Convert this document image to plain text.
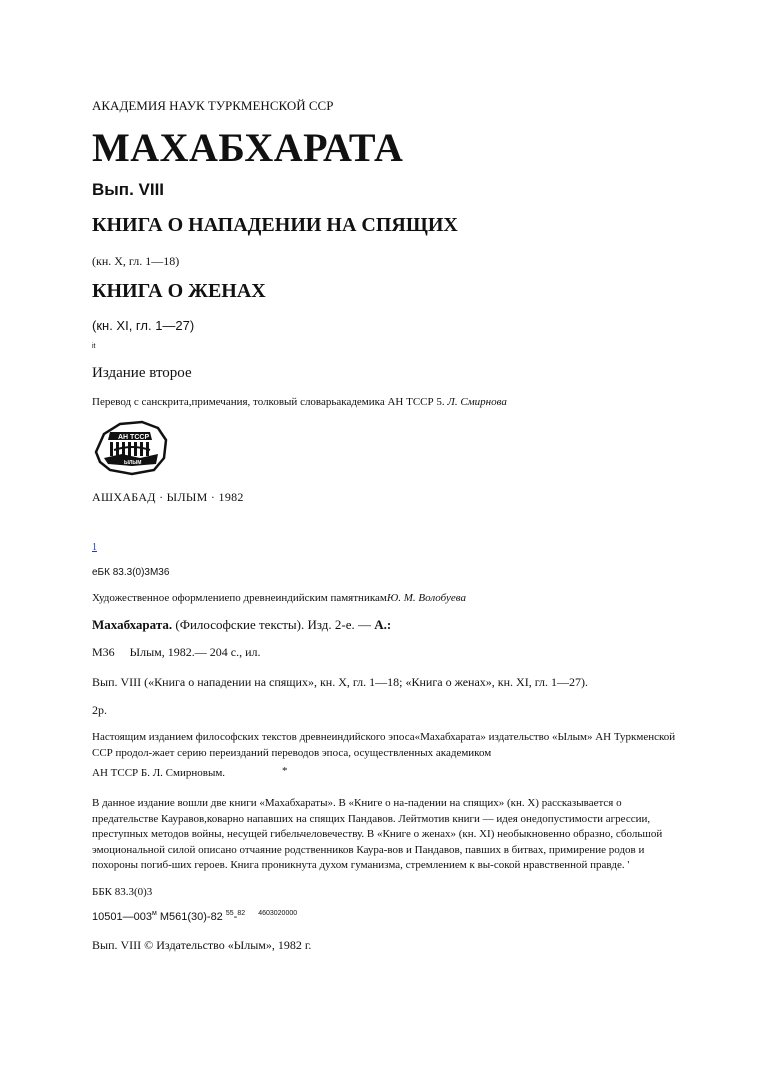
АКАДЕМИЯ НАУК ТУРКМЕНСКОЙ ССР
МАХАБХАРАТА
Вып. VIII
КНИГА О НАПАДЕНИИ НА СПЯЩИХ
(кн. X, гл. 1—18)
КНИГА О ЖЕНАХ
(кн. XI, гл. 1—27)
it
Издание второе
Перевод с санскрита,примечания, толковый словарьакадемика АН ТССР 5. Л. Смирнова
АН ТССР
ЫЛЫМ
АШХАБАД · ЫЛЫМ · 1982
1
еБК 83.3(0)3М36
Художественное оформлениепо древнеиндийским памятникамЮ. М. Волобуева
Махабхарата. (Философские тексты). Изд. 2-е. — А.:
М36     Ылым, 1982.— 204 с., ил.
Вып. VIII («Книга о нападении на спящих», кн. X, гл. 1—18; «Книга о женах», кн. XI, гл. 1—27).
2р.
Настоящим изданием философских текстов древнеиндийского эпоса«Махабхарата» издательство «Ылым» АН Туркменской ССР продол-жает серию переизданий переводов эпоса, осуществленных академиком
АН ТССР Б. Л. Смирновым.	*
В данное издание вошли две книги «Махабхараты». В «Книге о на-падении на спящих» (кн. X) рассказывается о предательстве Кауравов,коварно напавших на спящих Пандавов. Лейтмотив книги — идея онедопустимости агрессии, преступных методов войны, несущей гибельчеловечеству. В «Книге о женах» (кн. XI) необыкновенно образно, сбольшой эмоциональной силой описано отчаяние родственников Каура-вов и Пандавов, павших в битвах, примирение родов и похороны погиб-ших героев. Книга проникнута духом гуманизма, стремлением к вы-сокой нравственной правде. '
ББК 83.3(0)3
$10501—003^м$ М561(30)-82 $^{55}$-$^{82}$ $^{4603020000}$
Вып. VIII © Издательство «Ылым», 1982 г.
